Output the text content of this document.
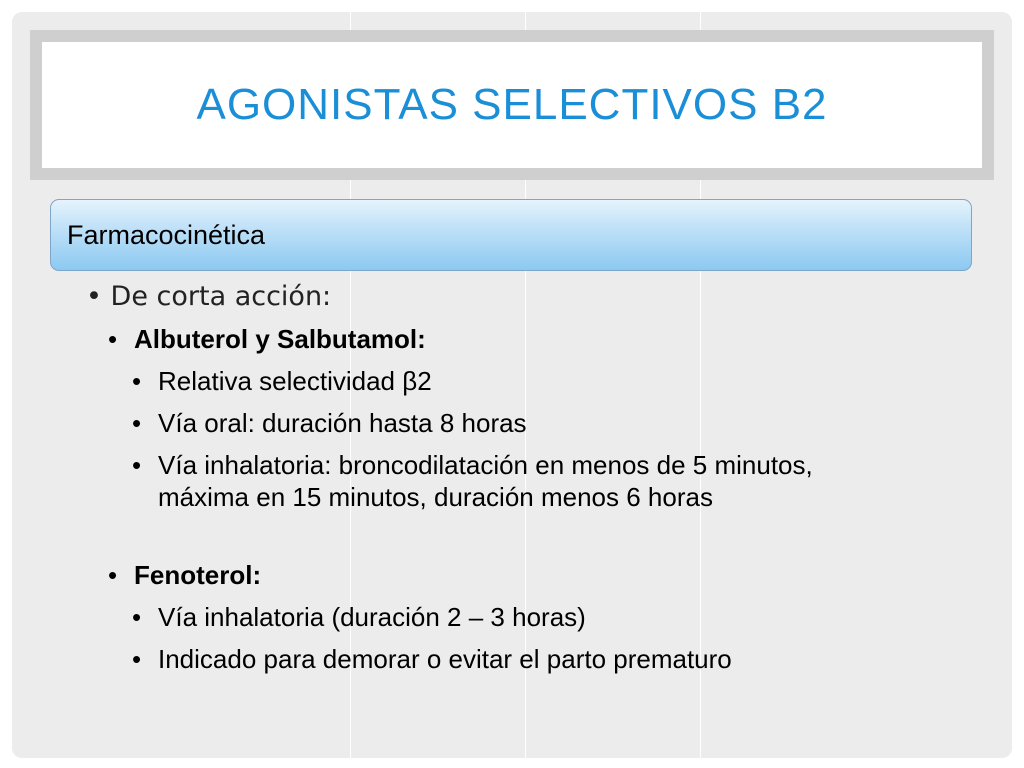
AGONISTAS SELECTIVOS Β2
Farmacocinética
• De corta acción:
• Albuterol y Salbutamol:
• Relativa selectividad β2
• Vía oral: duración hasta 8 horas
• Vía inhalatoria: broncodilatación en menos de 5 minutos, máxima en 15 minutos, duración menos 6 horas
• Fenoterol:
• Vía inhalatoria (duración 2 – 3 horas)
• Indicado para demorar o evitar el parto prematuro
